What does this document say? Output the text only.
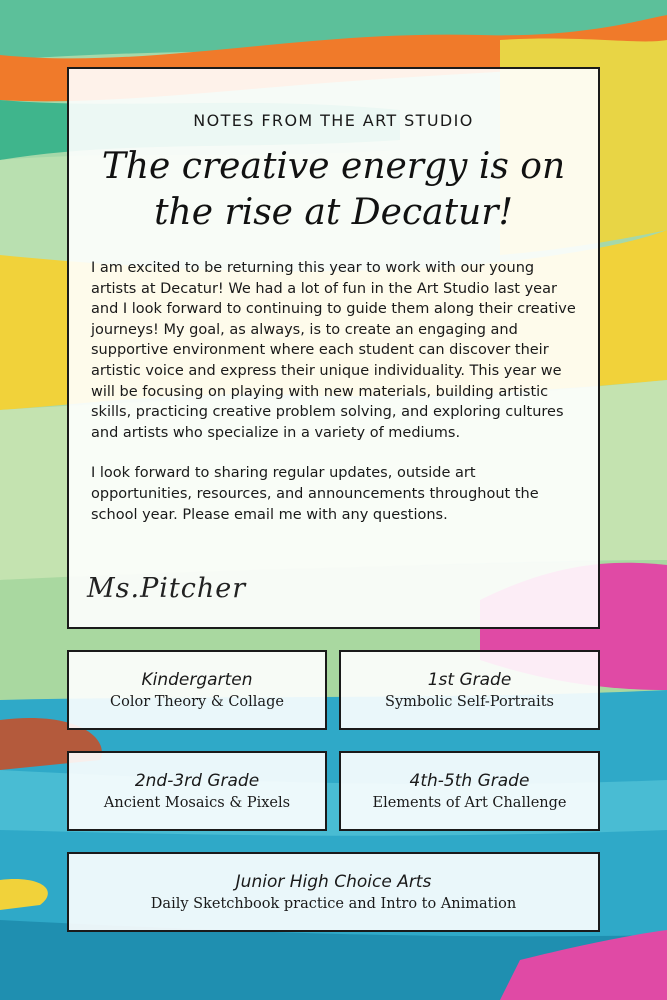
NOTES FROM THE ART STUDIO
The creative energy is on
the rise at Decatur!

I am excited to be returning this year to work with our young artists at Decatur! We had a lot of fun in the Art Studio last year and I look forward to continuing to guide them along their creative journeys! My goal, as always, is to create an engaging and supportive environment where each student can discover their artistic voice and express their unique individuality. This year we will be focusing on playing with new materials, building artistic skills, practicing creative problem solving, and exploring cultures and artists who specialize in a variety of mediums.

I look forward to sharing regular updates, outside art opportunities, resources, and announcements throughout the school year. Please email me with any questions.

Ms.Pitcher
Kindergarten
Color Theory & Collage
1st Grade
Symbolic Self-Portraits
2nd-3rd Grade
Ancient Mosaics & Pixels
4th-5th Grade
Elements of Art Challenge
Junior High Choice Arts
Daily Sketchbook practice and Intro to Animation
